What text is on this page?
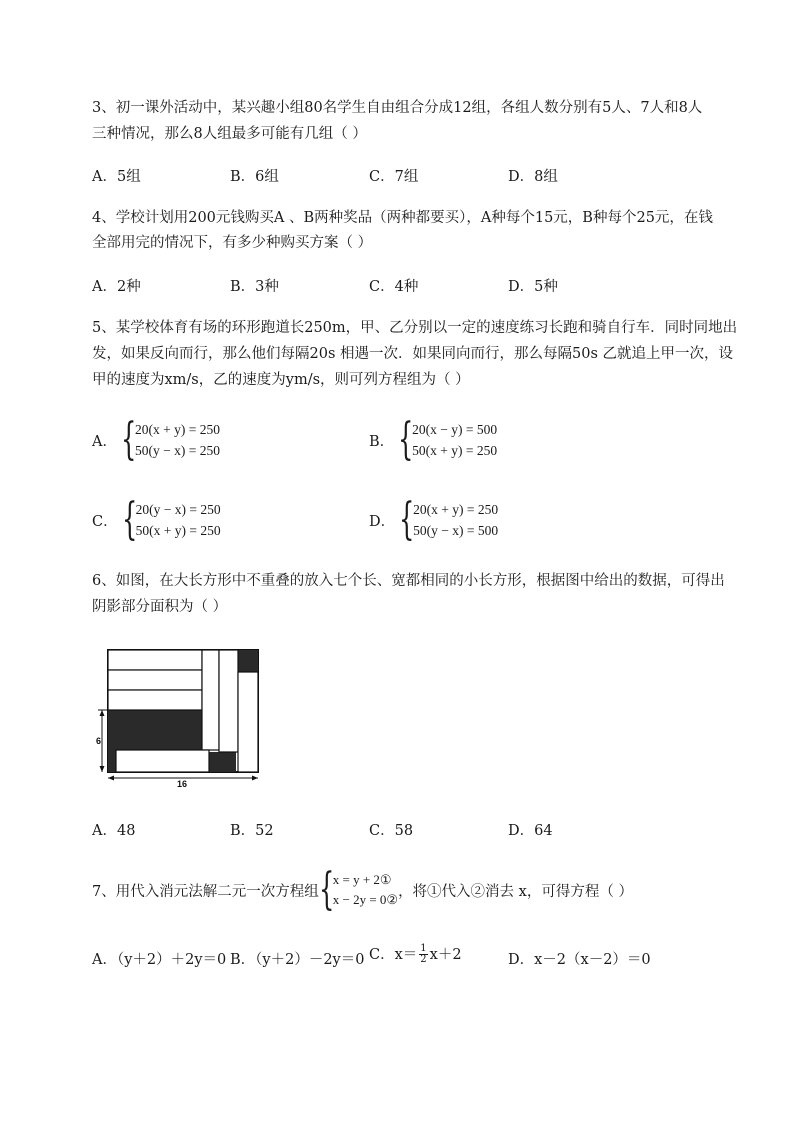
3、初一课外活动中，某兴趣小组80名学生自由组合分成12组，各组人数分别有5人、7人和8人
三种情况，那么8人组最多可能有几组（ ）
A．5组	B．6组	C．7组	D．8组
4、学校计划用200元钱购买A 、B两种奖品（两种都要买），A种每个15元，B种每个25元，在钱
全部用完的情况下，有多少种购买方案（ ）
A．2种	B．3种	C．4种	D．5种
5、某学校体育有场的环形跑道长250m，甲、乙分别以一定的速度练习长跑和骑自行车．同时同地出
发，如果反向而行，那么他们每隔20s 相遇一次．如果同向而行，那么每隔50s 乙就追上甲一次，设
甲的速度为xm/s，乙的速度为ym/s，则可列方程组为（ ）
A． {
20(x + y) = 250
50(y − x) = 250
B． {
20(x − y) = 500
50(x + y) = 250
C． {
20(y − x) = 250
50(x + y) = 250
D． {
20(x + y) = 250
50(y − x) = 500
6、如图，在大长方形中不重叠的放入七个长、宽都相同的小长方形，根据图中给出的数据，可得出
阴影部分面积为（ ）
6
16
A．48	B．52	C．58	D．64
7、用代入消元法解二元一次方程组 {
x = y + 2①
x − 2y = 0② ，将①代入②消去 x，可得方程（ ）
A．（y＋2）＋2y＝0 B．（y＋2）－2y＝0 C．$x= \frac{1}{2} x+2$	D．x－2（x－2）＝0
